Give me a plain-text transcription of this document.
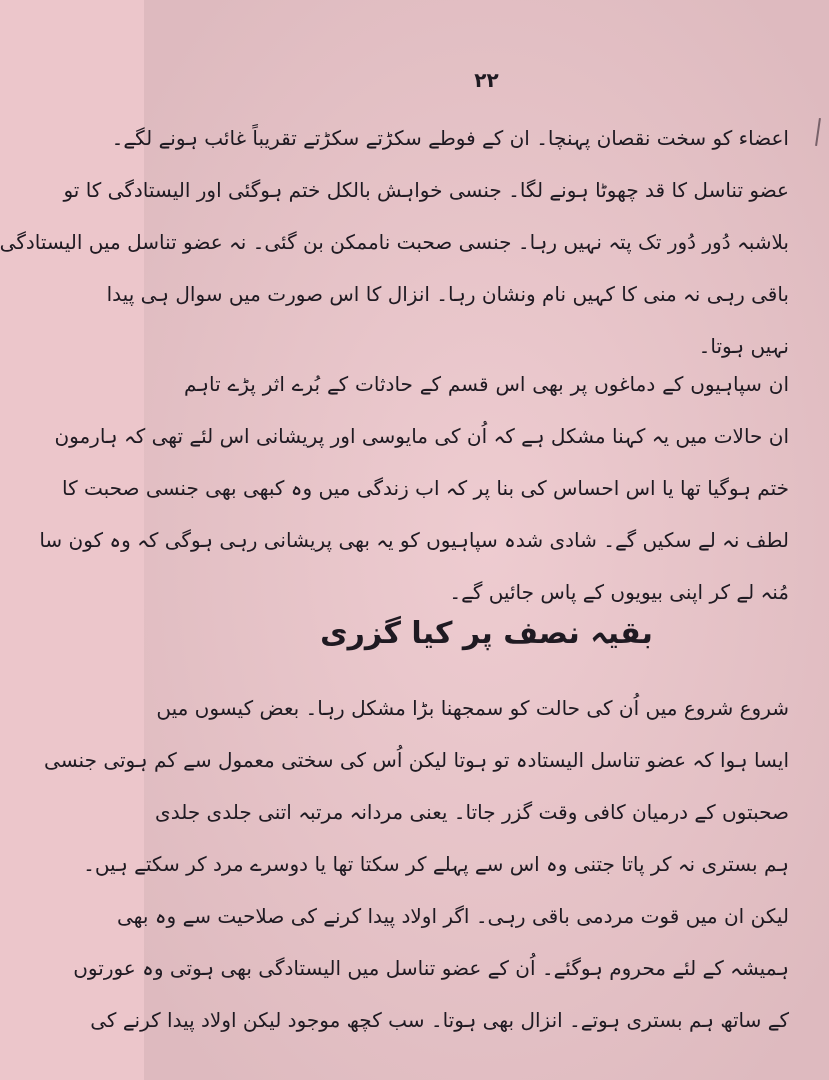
۲۲
اعضاء کو سخت نقصان پہنچا۔ ان کے فوطے سکڑتے سکڑتے تقریباً غائب ہونے لگے۔
عضو تناسل کا قد چھوٹا ہونے لگا۔ جنسی خواہش بالکل ختم ہوگئی اور الیستادگی کا تو
بلاشبہ دُور دُور تک پتہ نہیں رہا۔ جنسی صحبت ناممکن بن گئی۔ نہ عضو تناسل میں الیستادگی
باقی رہی نہ منی کا کہیں نام ونشان رہا۔ انزال کا اس صورت میں سوال ہی پیدا
نہیں ہوتا۔
ان سپاہیوں کے دماغوں پر بھی اس قسم کے حادثات کے بُرے اثر پڑے تاہم
ان حالات میں یہ کہنا مشکل ہے کہ اُن کی مایوسی اور پریشانی اس لئے تھی کہ ہارمون
ختم ہوگیا تھا یا اس احساس کی بنا پر کہ اب زندگی میں وہ کبھی بھی جنسی صحبت کا
لطف نہ لے سکیں گے۔ شادی شدہ سپاہیوں کو یہ بھی پریشانی رہی ہوگی کہ وہ کون سا
مُنہ لے کر اپنی بیویوں کے پاس جائیں گے۔
بقیہ نصف پر کیا گزری
شروع شروع میں اُن کی حالت کو سمجھنا بڑا مشکل رہا۔ بعض کیسوں میں
ایسا ہوا کہ عضو تناسل الیستادہ تو ہوتا لیکن اُس کی سختی معمول سے کم ہوتی جنسی
صحبتوں کے درمیان کافی وقت گزر جاتا۔ یعنی مردانہ مرتبہ اتنی جلدی جلدی
ہم بستری نہ کر پاتا جتنی وہ اس سے پہلے کر سکتا تھا یا دوسرے مرد کر سکتے ہیں۔
لیکن ان میں قوت مردمی باقی رہی۔ اگر اولاد پیدا کرنے کی صلاحیت سے وہ بھی
ہمیشہ کے لئے محروم ہوگئے۔ اُن کے عضو تناسل میں الیستادگی بھی ہوتی وہ عورتوں
کے ساتھ ہم بستری ہوتے۔ انزال بھی ہوتا۔ سب کچھ موجود لیکن اولاد پیدا کرنے کی
